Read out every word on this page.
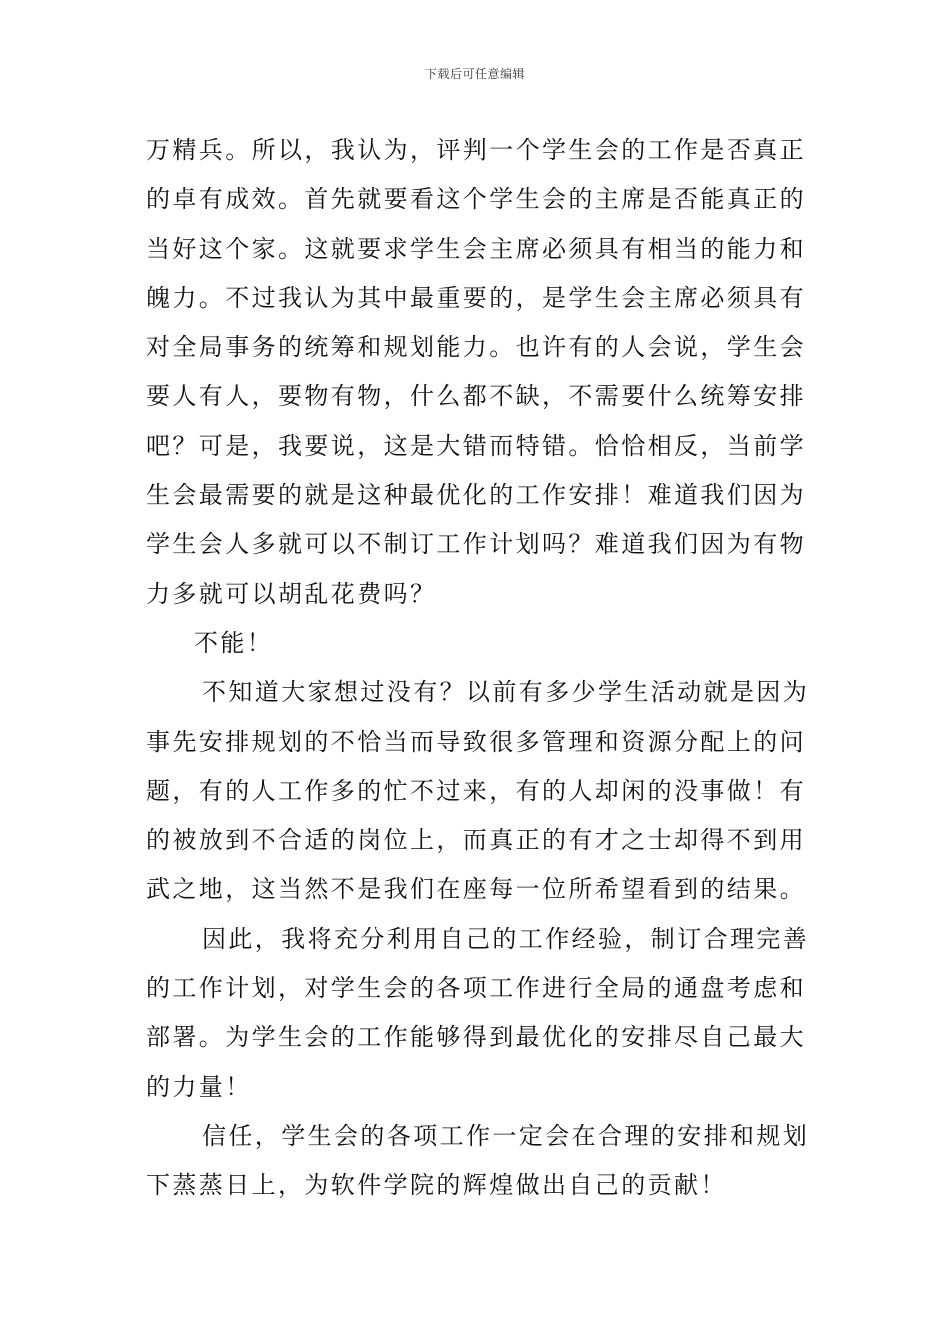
下载后可任意编辑

万精兵。所以，我认为，评判一个学生会的工作是否真正的卓有成效。首先就要看这个学生会的主席是否能真正的当好这个家。这就要求学生会主席必须具有相当的能力和魄力。不过我认为其中最重要的，是学生会主席必须具有对全局事务的统筹和规划能力。也许有的人会说，学生会要人有人，要物有物，什么都不缺，不需要什么统筹安排吧？可是，我要说，这是大错而特错。恰恰相反，当前学生会最需要的就是这种最优化的工作安排！难道我们因为学生会人多就可以不制订工作计划吗？难道我们因为有物力多就可以胡乱花费吗？

不能！

不知道大家想过没有？以前有多少学生活动就是因为事先安排规划的不恰当而导致很多管理和资源分配上的问题，有的人工作多的忙不过来，有的人却闲的没事做！有的被放到不合适的岗位上，而真正的有才之士却得不到用武之地，这当然不是我们在座每一位所希望看到的结果。

因此，我将充分利用自己的工作经验，制订合理完善的工作计划，对学生会的各项工作进行全局的通盘考虑和部署。为学生会的工作能够得到最优化的安排尽自己最大的力量！

信任，学生会的各项工作一定会在合理的安排和规划下蒸蒸日上，为软件学院的辉煌做出自己的贡献！
